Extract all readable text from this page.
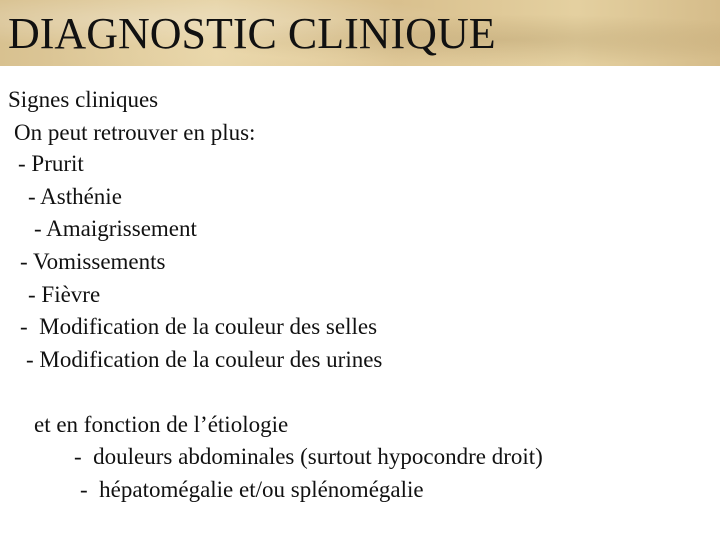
DIAGNOSTIC CLINIQUE

Signes cliniques

On peut retrouver en plus:

- Prurit

- Asthénie

- Amaigrissement

- Vomissements

- Fièvre

-  Modification de la couleur des selles

- Modification de la couleur des urines

et en fonction de l’étiologie

-  douleurs abdominales (surtout hypocondre droit)

-  hépatomégalie et/ou splénomégalie
